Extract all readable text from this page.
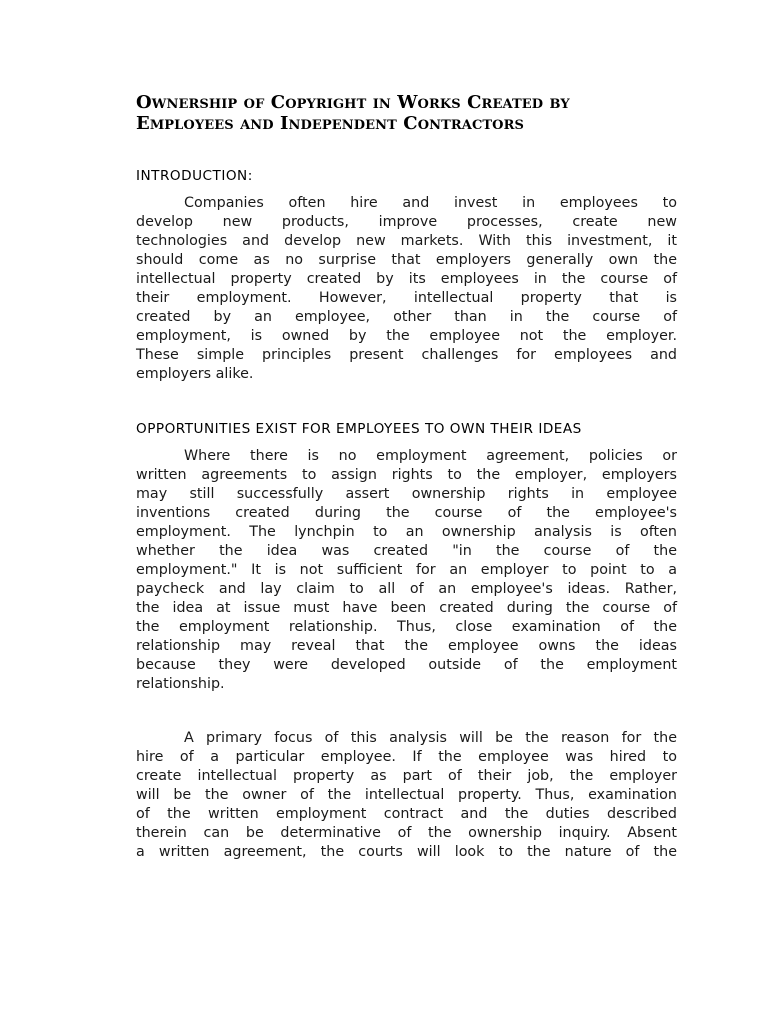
Ownership of Copyright in Works Created by
Employees and Independent Contractors
INTRODUCTION:
Companies often hire and invest in employees to
develop new products, improve processes, create new
technologies and develop new markets. With this investment, it
should come as no surprise that employers generally own the
intellectual property created by its employees in the course of
their employment. However, intellectual property that is
created by an employee, other than in the course of
employment, is owned by the employee not the employer.
These simple principles present challenges for employees and
employers alike.
OPPORTUNITIES EXIST FOR EMPLOYEES TO OWN THEIR IDEAS
Where there is no employment agreement, policies or
written agreements to assign rights to the employer, employers
may still successfully assert ownership rights in employee
inventions created during the course of the employee's
employment. The lynchpin to an ownership analysis is often
whether the idea was created "in the course of the
employment." It is not sufficient for an employer to point to a
paycheck and lay claim to all of an employee's ideas. Rather,
the idea at issue must have been created during the course of
the employment relationship. Thus, close examination of the
relationship may reveal that the employee owns the ideas
because they were developed outside of the employment
relationship.
A primary focus of this analysis will be the reason for the
hire of a particular employee. If the employee was hired to
create intellectual property as part of their job, the employer
will be the owner of the intellectual property. Thus, examination
of the written employment contract and the duties described
therein can be determinative of the ownership inquiry. Absent
a written agreement, the courts will look to the nature of the
